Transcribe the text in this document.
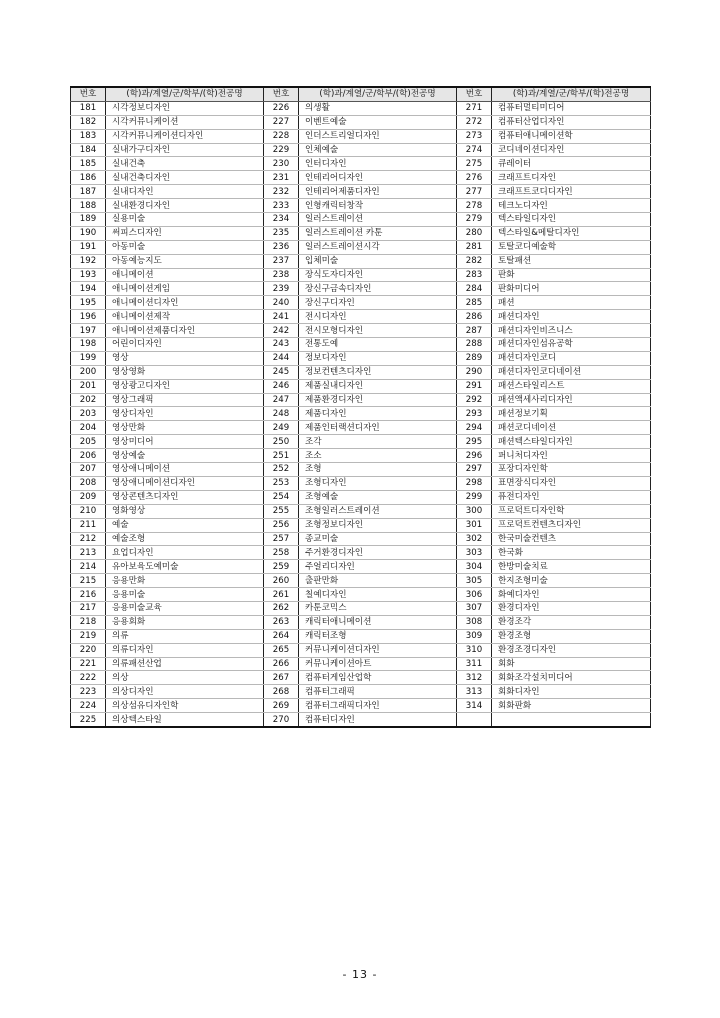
번호	(학)과/계열/군/학부/(학)전공명	번호	(학)과/계열/군/학부/(학)전공명	번호	(학)과/계열/군/학부/(학)전공명
181	시각정보디자인	226	의생활	271	컴퓨터멀티미디어
182	시각커뮤니케이션	227	이벤트예술	272	컴퓨터산업디자인
183	시각커뮤니케이션디자인	228	인더스트리얼디자인	273	컴퓨터애니메이션학
184	실내가구디자인	229	인체예술	274	코디네이션디자인
185	실내건축	230	인터디자인	275	큐레이터
186	실내건축디자인	231	인테리어디자인	276	크래프트디자인
187	실내디자인	232	인테리어제품디자인	277	크래프트코디디자인
188	실내환경디자인	233	인형캐릭터창작	278	테크노디자인
189	실용미술	234	일러스트레이션	279	텍스타일디자인
190	써피스디자인	235	일러스트레이션 카툰	280	텍스타일&메탈디자인
191	아동미술	236	일러스트레이션시각	281	토탈코디예술학
192	아동예능지도	237	입체미술	282	토탈패션
193	애니메이션	238	장식도자디자인	283	판화
194	애니메이션게임	239	장신구금속디자인	284	판화미디어
195	애니메이션디자인	240	장신구디자인	285	패션
196	애니메이션제작	241	전시디자인	286	패션디자인
197	애니메이션제품디자인	242	전시모형디자인	287	패션디자인비즈니스
198	어린이디자인	243	전통도예	288	패션디자인섬유공학
199	영상	244	정보디자인	289	패션디자인코디
200	영상영화	245	정보컨텐츠디자인	290	패션디자인코디네이션
201	영상광고디자인	246	제품실내디자인	291	패션스타일리스트
202	영상그래픽	247	제품환경디자인	292	패션액세사리디자인
203	영상디자인	248	제품디자인	293	패션정보기획
204	영상만화	249	제품인터랙션디자인	294	패션코디네이션
205	영상미디어	250	조각	295	패션텍스타일디자인
206	영상예술	251	조소	296	퍼니처디자인
207	영상애니메이션	252	조형	297	포장디자인학
208	영상애니메이션디자인	253	조형디자인	298	표면장식디자인
209	영상콘텐츠디자인	254	조형예술	299	퓨전디자인
210	영화영상	255	조형일러스트레이션	300	프로덕트디자인학
211	예술	256	조형정보디자인	301	프로덕트컨텐츠디자인
212	예술조형	257	종교미술	302	한국미술컨텐츠
213	요업디자인	258	주거환경디자인	303	한국화
214	유아보육도예미술	259	주얼리디자인	304	한방미술치료
215	응용만화	260	출판만화	305	한지조형미술
216	응용미술	261	칠예디자인	306	화예디자인
217	응용미술교육	262	카툰코믹스	307	환경디자인
218	응용회화	263	캐릭터애니메이션	308	환경조각
219	의류	264	캐릭터조형	309	환경조형
220	의류디자인	265	커뮤니케이션디자인	310	환경조경디자인
221	의류패션산업	266	커뮤니케이션아트	311	회화
222	의상	267	컴퓨터게임산업학	312	회화조각설치미디어
223	의상디자인	268	컴퓨터그래픽	313	회화디자인
224	의상섬유디자인학	269	컴퓨터그래픽디자인	314	회화판화
225	의상텍스타일	270	컴퓨터디자인		
- 13 -
